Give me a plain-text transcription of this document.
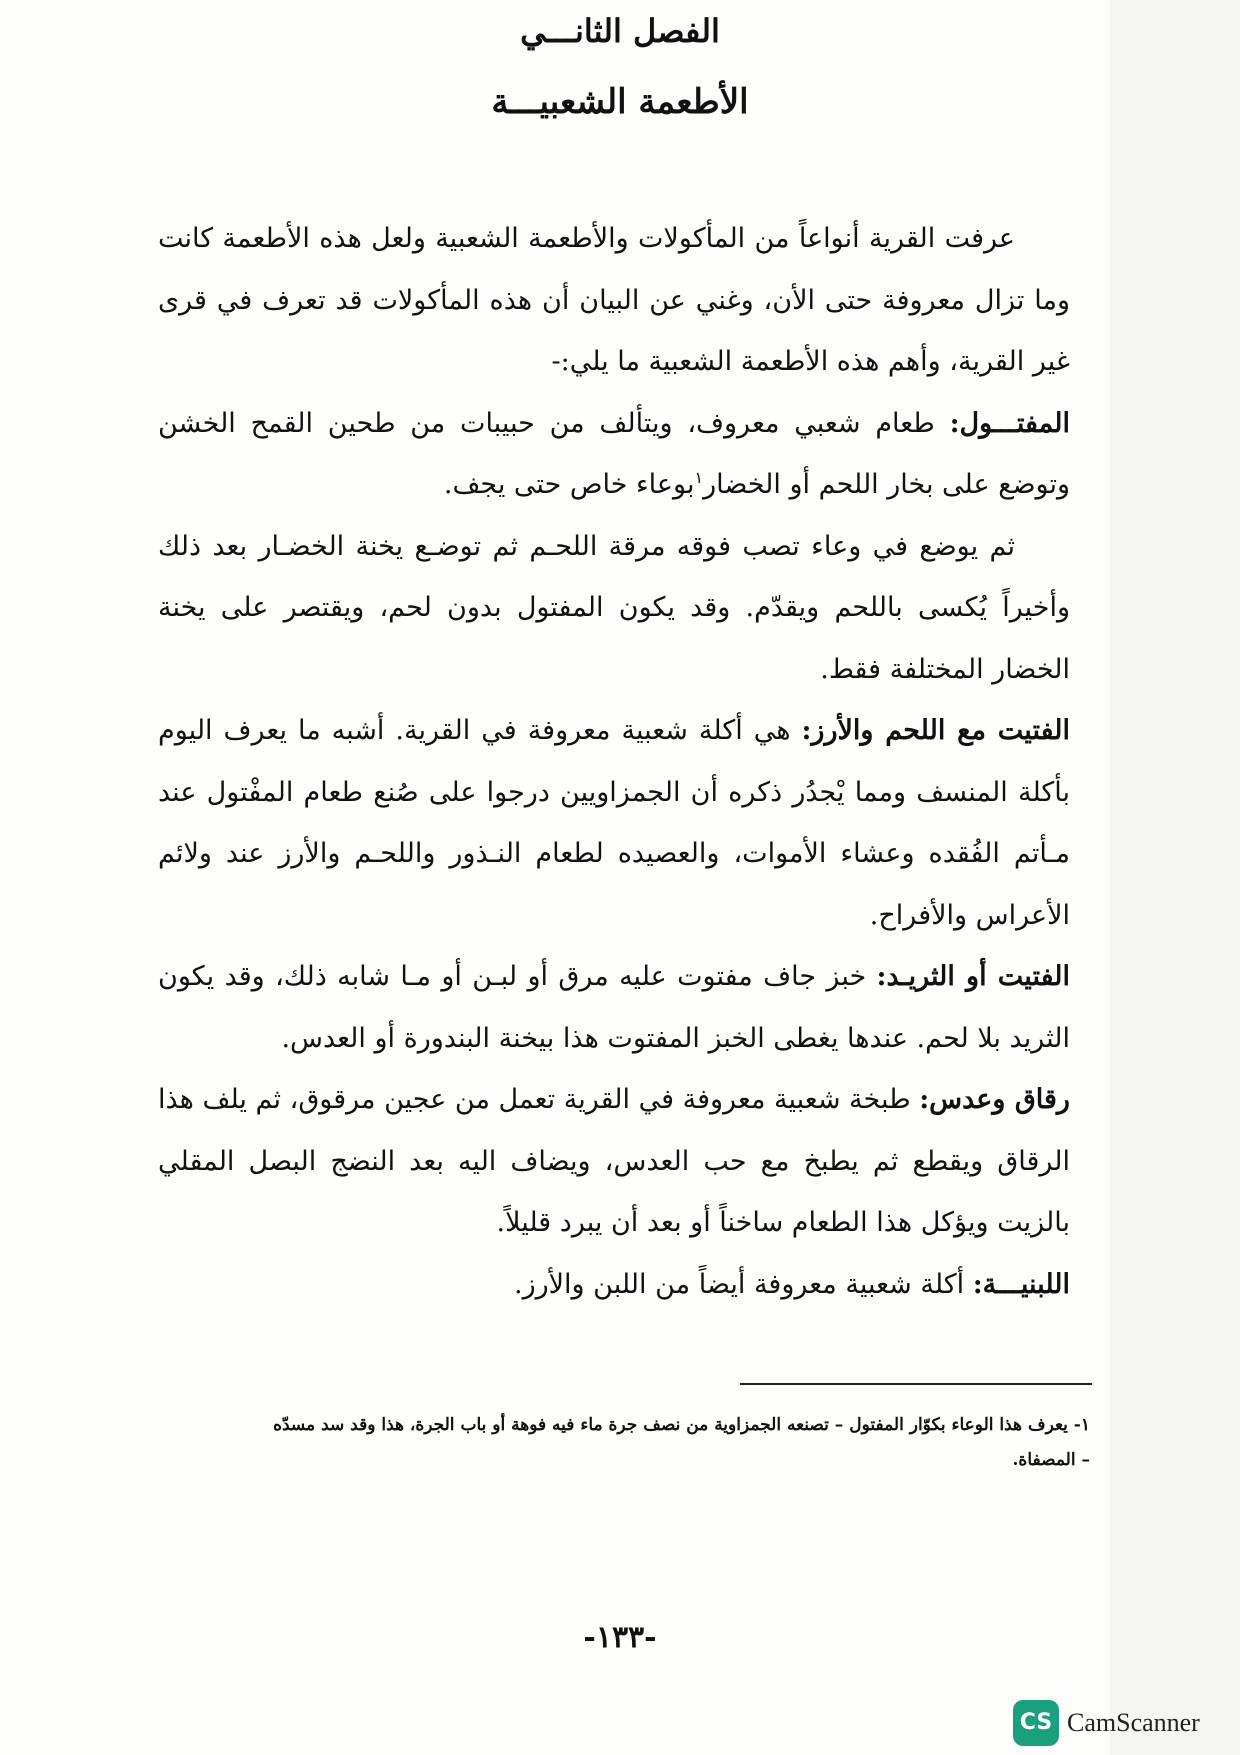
الفصل الثانـــي
الأطعمة الشعبيـــة

عرفت القرية أنواعاً من المأكولات والأطعمة الشعبية ولعل هذه الأطعمة كانت وما تزال معروفة حتى الأن، وغني عن البيان أن هذه المأكولات قد تعرف في قرى غير القرية، وأهم هذه الأطعمة الشعبية ما يلي:-

المفتـــول: طعام شعبي معروف، ويتألف من حبيبات من طحين القمح الخشن وتوضع على بخار اللحم أو الخضار$^١$بوعاء خاص حتى يجف.

ثم يوضع في وعاء تصب فوقه مرقة اللحـم ثم توضـع يخنة الخضـار بعد ذلك وأخيراً يُكسى باللحم ويقدّم. وقد يكون المفتول بدون لحم، ويقتصر على يخنة الخضار المختلفة فقط.

الفتيت مع اللحم والأرز: هي أكلة شعبية معروفة في القرية. أشبه ما يعرف اليوم بأكلة المنسف ومما يْجدُر ذكره أن الجمزاويين درجوا على صُنع طعام المفْتول عند مـأتم الفُقده وعشاء الأموات، والعصيده لطعام النـذور واللحـم والأرز عند ولائم الأعراس والأفراح.

الفتيت أو الثريـد: خبز جاف مفتوت عليه مرق أو لبـن أو مـا شابه ذلك، وقد يكون الثريد بلا لحم. عندها يغطى الخبز المفتوت هذا بيخنة البندورة أو العدس.

رقاق وعدس: طبخة شعبية معروفة في القرية تعمل من عجين مرقوق، ثم يلف هذا الرقاق ويقطع ثم يطبخ مع حب العدس، ويضاف اليه بعد النضج البصل المقلي بالزيت ويؤكل هذا الطعام ساخناً أو بعد أن يبرد قليلاً.

اللبنيـــة: أكلة شعبية معروفة أيضاً من اللبن والأرز.

١- يعرف هذا الوعاء بكوّار المفتول – تصنعه الجمزاوية من نصف جرة ماء فيه فوهة أو باب الجرة، هذا وقد سد مسدّه

– المصفاة.

-١٣٣-
CS CamScanner
